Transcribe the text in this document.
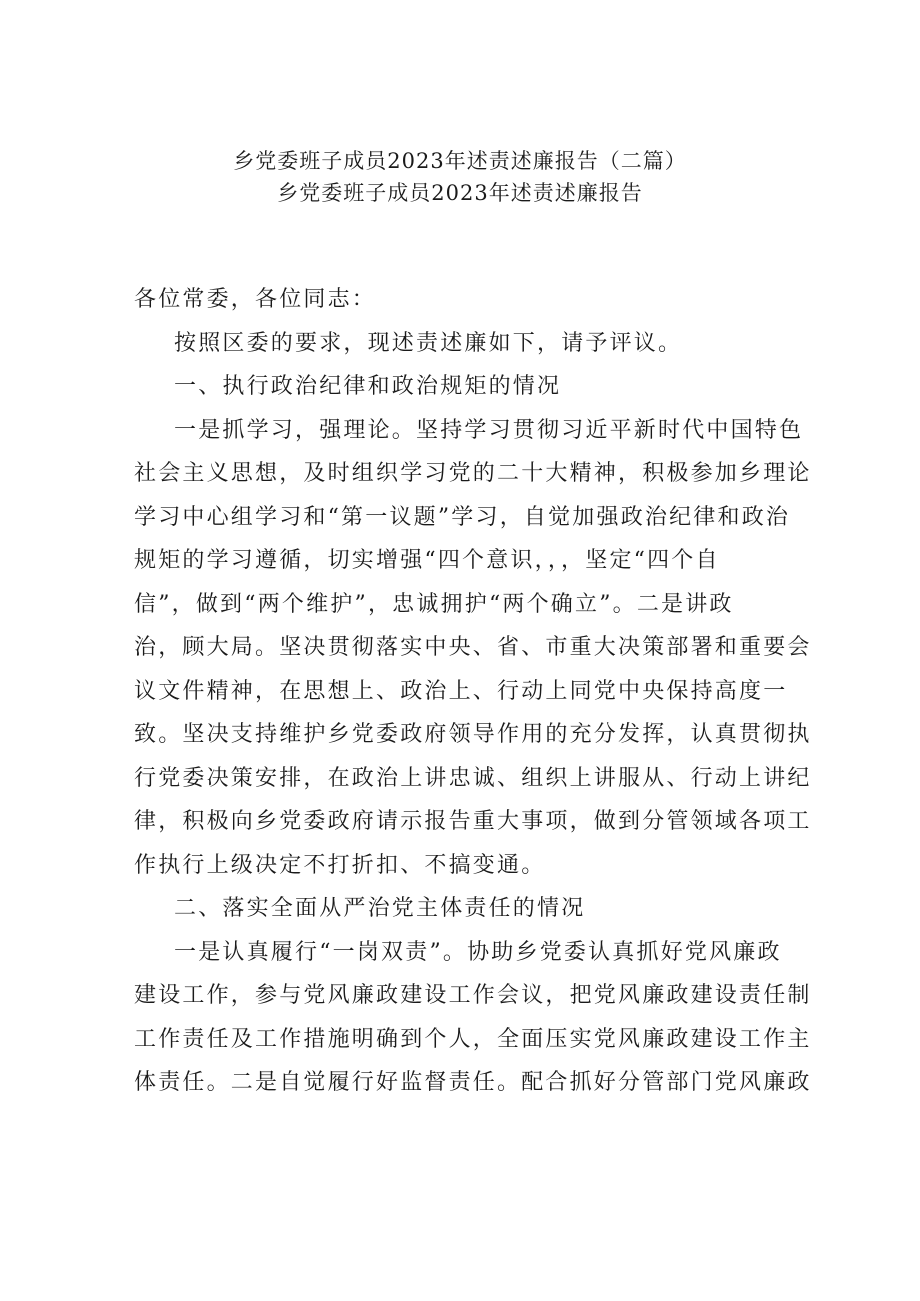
乡党委班子成员2023年述责述廉报告（二篇）
乡党委班子成员2023年述责述廉报告
各位常委，各位同志：
按照区委的要求，现述责述廉如下，请予评议。
一、执行政治纪律和政治规矩的情况
一是抓学习，强理论。坚持学习贯彻习近平新时代中国特色
社会主义思想，及时组织学习党的二十大精神，积极参加乡理论
学习中心组学习和“第一议题”学习，自觉加强政治纪律和政治
规矩的学习遵循，切实增强“四个意识，，，坚定“四个自
信”，做到“两个维护”，忠诚拥护“两个确立”。二是讲政
治，顾大局。坚决贯彻落实中央、省、市重大决策部署和重要会
议文件精神，在思想上、政治上、行动上同党中央保持高度一
致。坚决支持维护乡党委政府领导作用的充分发挥，认真贯彻执
行党委决策安排，在政治上讲忠诚、组织上讲服从、行动上讲纪
律，积极向乡党委政府请示报告重大事项，做到分管领域各项工
作执行上级决定不打折扣、不搞变通。
二、落实全面从严治党主体责任的情况
一是认真履行“一岗双责”。协助乡党委认真抓好党风廉政
建设工作，参与党风廉政建设工作会议，把党风廉政建设责任制
工作责任及工作措施明确到个人，全面压实党风廉政建设工作主
体责任。二是自觉履行好监督责任。配合抓好分管部门党风廉政
